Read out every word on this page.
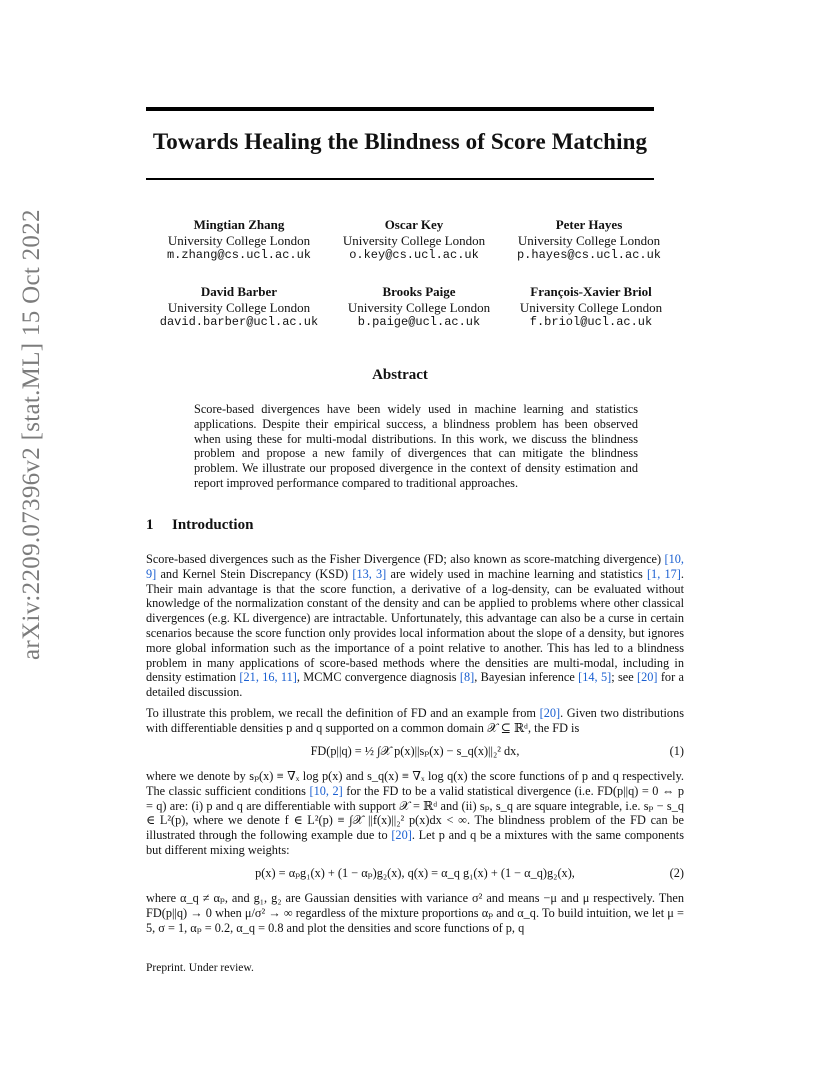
arXiv:2209.07396v2 [stat.ML] 15 Oct 2022
Towards Healing the Blindness of Score Matching
Mingtian Zhang
University College London
m.zhang@cs.ucl.ac.uk
Oscar Key
University College London
o.key@cs.ucl.ac.uk
Peter Hayes
University College London
p.hayes@cs.ucl.ac.uk
David Barber
University College London
david.barber@ucl.ac.uk
Brooks Paige
University College London
b.paige@ucl.ac.uk
François-Xavier Briol
University College London
f.briol@ucl.ac.uk
Abstract
Score-based divergences have been widely used in machine learning and statistics applications. Despite their empirical success, a blindness problem has been observed when using these for multi-modal distributions. In this work, we discuss the blindness problem and propose a new family of divergences that can mitigate the blindness problem. We illustrate our proposed divergence in the context of density estimation and report improved performance compared to traditional approaches.
1 Introduction
Score-based divergences such as the Fisher Divergence (FD; also known as score-matching divergence) [10, 9] and Kernel Stein Discrepancy (KSD) [13, 3] are widely used in machine learning and statistics [1, 17]. Their main advantage is that the score function, a derivative of a log-density, can be evaluated without knowledge of the normalization constant of the density and can be applied to problems where other classical divergences (e.g. KL divergence) are intractable. Unfortunately, this advantage can also be a curse in certain scenarios because the score function only provides local information about the slope of a density, but ignores more global information such as the importance of a point relative to another. This has led to a blindness problem in many applications of score-based methods where the densities are multi-modal, including in density estimation [21, 16, 11], MCMC convergence diagnosis [8], Bayesian inference [14, 5]; see [20] for a detailed discussion.
To illustrate this problem, we recall the definition of FD and an example from [20]. Given two distributions with differentiable densities p and q supported on a common domain 𝒳 ⊆ ℝᵈ, the FD is
FD(p||q) = ½ ∫𝒳 p(x)||sₚ(x) − s_q(x)||₂² dx,	(1)
where we denote by sₚ(x) ≡ ∇ₓ log p(x) and s_q(x) ≡ ∇ₓ log q(x) the score functions of p and q respectively. The classic sufficient conditions [10, 2] for the FD to be a valid statistical divergence (i.e. FD(p||q) = 0 ⇔ p = q) are: (i) p and q are differentiable with support 𝒳 = ℝᵈ and (ii) sₚ, s_q are square integrable, i.e. sₚ − s_q ∈ L²(p), where we denote f ∈ L²(p) ≡ ∫𝒳 ||f(x)||₂² p(x)dx < ∞. The blindness problem of the FD can be illustrated through the following example due to [20]. Let p and q be a mixtures with the same components but different mixing weights:
p(x) = αₚg₁(x) + (1 − αₚ)g₂(x), q(x) = α_q g₁(x) + (1 − α_q)g₂(x),	(2)
where α_q ≠ αₚ, and g₁, g₂ are Gaussian densities with variance σ² and means −μ and μ respectively. Then FD(p||q) → 0 when μ/σ² → ∞ regardless of the mixture proportions αₚ and α_q. To build intuition, we let μ = 5, σ = 1, αₚ = 0.2, α_q = 0.8 and plot the densities and score functions of p, q
Preprint. Under review.
